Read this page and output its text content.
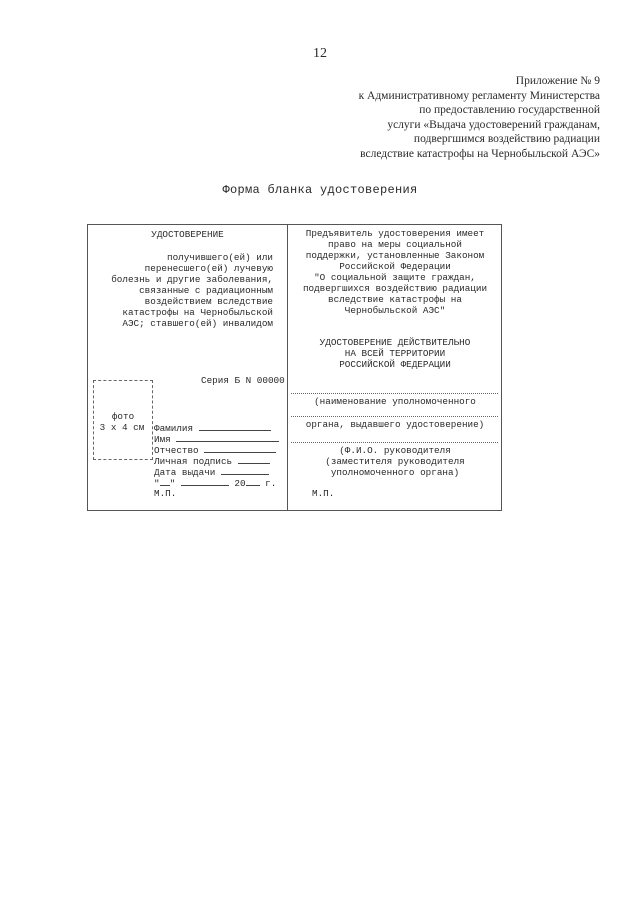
12
Приложение № 9
к Административному регламенту Министерства
по предоставлению государственной
услуги «Выдача удостоверений гражданам,
подвергшимся воздействию радиации
вследствие катастрофы на Чернобыльской АЭС»
Форма бланка удостоверения
УДОСТОВЕРЕНИЕ
получившего(ей) или
перенесшего(ей) лучевую
болезнь и другие заболевания,
связанные с радиационным
воздействием вследствие
катастрофы на Чернобыльской
АЭС; ставшего(ей) инвалидом
Серия Б N 00000
фото
3 х 4 см	Фамилия
Имя
Отчество
Личная подпись
Дата выдачи
" "	20 г.
М.П.
Предъявитель удостоверения имеет
право на меры социальной
поддержки, установленные Законом
Российской Федерации
"О социальной защите граждан,
подвергшихся воздействию радиации
вследствие катастрофы на
Чернобыльской АЭС"
УДОСТОВЕРЕНИЕ ДЕЙСТВИТЕЛЬНО
НА ВСЕЙ ТЕРРИТОРИИ
РОССИЙСКОЙ ФЕДЕРАЦИИ
(наименование уполномоченного
органа, выдавшего удостоверение)
(Ф.И.О. руководителя
(заместителя руководителя
уполномоченного органа)
М.П.
